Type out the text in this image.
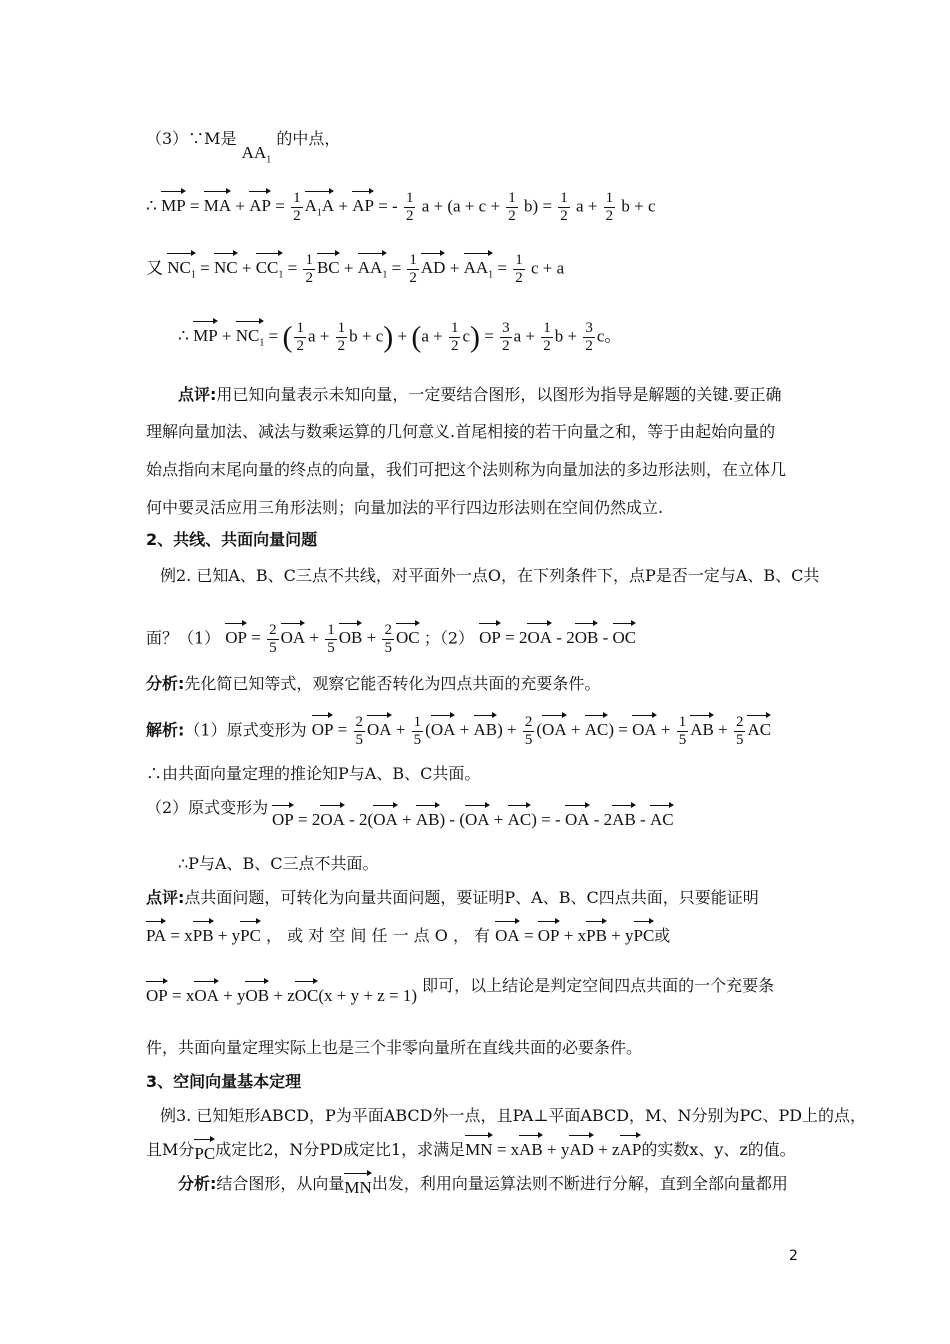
（3）∵M是 $AA_1$ 的中点，
∴ MP = MA + AP = $\frac{1}{2} A_1A$ + AP = - $\frac{1}{2}$ $a + (a + c + \frac{1}{2} b) = \frac{1}{2}$ $a + \frac{1}{2}$ b + c
又 $NC_1$ = NC + $CC_1 = \frac{1}{2}$ BC + $AA_1 = \frac{1}{2}$ AD + $AA_1 = \frac{1}{2}$ c + a
∴ MP + $NC_1$ = ( $\frac{1}{2}$ $a + \frac{1}{2}$ $b + c) + (a + \frac{1}{2} c) = \frac{3}{2}$ $a + \frac{1}{2}$ $b + \frac{3}{2}$ c。
点评:用已知向量表示未知向量，一定要结合图形，以图形为指导是解题的关键.要正确
理解向量加法、减法与数乘运算的几何意义.首尾相接的若干向量之和，等于由起始向量的
始点指向末尾向量的终点的向量，我们可把这个法则称为向量加法的多边形法则，在立体几
何中要灵活应用三角形法则；向量加法的平行四边形法则在空间仍然成立.
2、共线、共面向量问题
例2. 已知A、B、C三点不共线，对平面外一点O，在下列条件下，点P是否一定与A、B、C共
面？（1） OP = $\frac{2}{5}$ OA + $\frac{1}{5}$ OB + $\frac{2}{5}$ OC ；（2） OP = 2OA - 2OB - OC
分析:先化简已知等式，观察它能否转化为四点共面的充要条件。
解析:（1）原式变形为 OP = $\frac{2}{5}$ OA + $\frac{1}{5} (OA + AB) + \frac{2}{5} (OA + AC)$ = OA + $\frac{1}{5}$ AB + $\frac{2}{5}$ AC
∴由共面向量定理的推论知P与A、B、C共面。
（2）原式变形为
OP = 2OA - 2(OA + AB) - (OA + AC) = - OA - 2AB - AC
∴P与A、B、C三点不共面。
点评:点共面问题，可转化为向量共面问题，要证明P、A、B、C四点共面，只要能证明
PA = xPB + yPC ， 或 对 空 间 任 一 点 O ， 有 OA = OP + xPB + yPC或
OP = xOA + yOB + zOC(x + y + z = 1) 即可，以上结论是判定空间四点共面的一个充要条
件，共面向量定理实际上也是三个非零向量所在直线共面的必要条件。
3、空间向量基本定理
例3. 已知矩形ABCD，P为平面ABCD外一点，且PA⊥平面ABCD，M、N分别为PC、PD上的点，
且M分PC成定比2，N分PD成定比1，求满足MN = xAB + yAD + zAP的实数x、y、z的值。
分析:结合图形，从向量MN出发，利用向量运算法则不断进行分解，直到全部向量都用
2
